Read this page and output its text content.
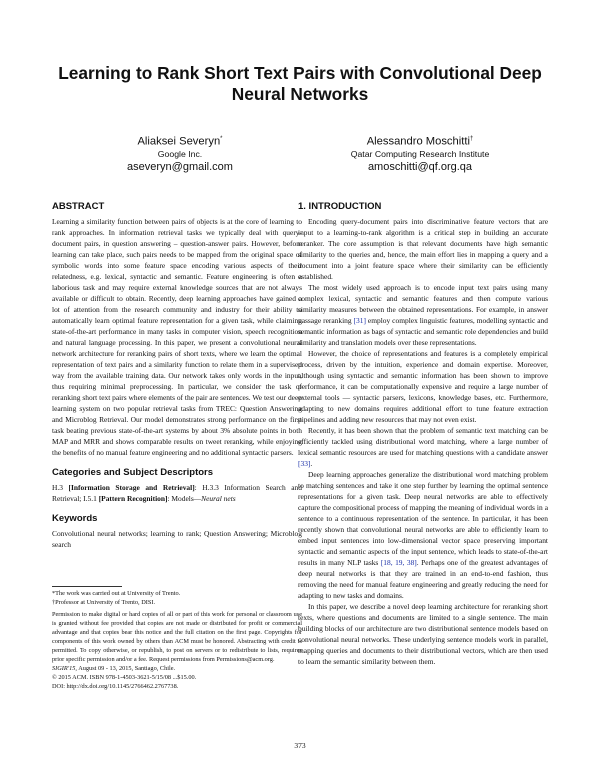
Learning to Rank Short Text Pairs with Convolutional Deep Neural Networks
Aliaksei Severyn*
Google Inc.
aseveryn@gmail.com
Alessandro Moschitti†
Qatar Computing Research Institute
amoschitti@qf.org.qa
ABSTRACT

Learning a similarity function between pairs of objects is at the core of learning to rank approaches. In information retrieval tasks we typically deal with query-document pairs, in question answering – question-answer pairs. However, before learning can take place, such pairs needs to be mapped from the original space of symbolic words into some feature space encoding various aspects of their relatedness, e.g. lexical, syntactic and semantic. Feature engineering is often a laborious task and may require external knowledge sources that are not always available or difficult to obtain. Recently, deep learning approaches have gained a lot of attention from the research community and industry for their ability to automatically learn optimal feature representation for a given task, while claiming state-of-the-art performance in many tasks in computer vision, speech recognition and natural language processing. In this paper, we present a convolutional neural network architecture for reranking pairs of short texts, where we learn the optimal representation of text pairs and a similarity function to relate them in a supervised way from the available training data. Our network takes only words in the input, thus requiring minimal preprocessing. In particular, we consider the task of reranking short text pairs where elements of the pair are sentences. We test our deep learning system on two popular retrieval tasks from TREC: Question Answering and Microblog Retrieval. Our model demonstrates strong performance on the first task beating previous state-of-the-art systems by about 3% absolute points in both MAP and MRR and shows comparable results on tweet reranking, while enjoying the benefits of no manual feature engineering and no additional syntactic parsers.

Categories and Subject Descriptors

H.3 [Information Storage and Retrieval]: H.3.3 Information Search and Retrieval; I.5.1 [Pattern Recognition]: Models—Neural nets

Keywords

Convolutional neural networks; learning to rank; Question Answering; Microblog search

*The work was carried out at University of Trento.

†Professor at University of Trento, DISI.

Permission to make digital or hard copies of all or part of this work for personal or classroom use is granted without fee provided that copies are not made or distributed for profit or commercial advantage and that copies bear this notice and the full citation on the first page. Copyrights for components of this work owned by others than ACM must be honored. Abstracting with credit is permitted. To copy otherwise, or republish, to post on servers or to redistribute to lists, requires prior specific permission and/or a fee. Request permissions from Permissions@acm.org.

SIGIR'15, August 09 - 13, 2015, Santiago, Chile.

© 2015 ACM. ISBN 978-1-4503-3621-5/15/08 ...$15.00.

DOI: http://dx.doi.org/10.1145/2766462.2767738.

1. INTRODUCTION

Encoding query-document pairs into discriminative feature vectors that are input to a learning-to-rank algorithm is a critical step in building an accurate reranker. The core assumption is that relevant documents have high semantic similarity to the queries and, hence, the main effort lies in mapping a query and a document into a joint feature space where their similarity can be efficiently established.

The most widely used approach is to encode input text pairs using many complex lexical, syntactic and semantic features and then compute various similarity measures between the obtained representations. For example, in answer passage reranking [31] employ complex linguistic features, modelling syntactic and semantic information as bags of syntactic and semantic role dependencies and build similarity and translation models over these representations.

However, the choice of representations and features is a completely empirical process, driven by the intuition, experience and domain expertise. Moreover, although using syntactic and semantic information has been shown to improve performance, it can be computationally expensive and require a large number of external tools — syntactic parsers, lexicons, knowledge bases, etc. Furthermore, adapting to new domains requires additional effort to tune feature extraction pipelines and adding new resources that may not even exist.

Recently, it has been shown that the problem of semantic text matching can be efficiently tackled using distributional word matching, where a large number of lexical semantic resources are used for matching questions with a candidate answer [33].

Deep learning approaches generalize the distributional word matching problem to matching sentences and take it one step further by learning the optimal sentence representations for a given task. Deep neural networks are able to effectively capture the compositional process of mapping the meaning of individual words in a sentence to a continuous representation of the sentence. In particular, it has been recently shown that convolutional neural networks are able to efficiently learn to embed input sentences into low-dimensional vector space preserving important syntactic and semantic aspects of the input sentence, which leads to state-of-the-art results in many NLP tasks [18, 19, 38]. Perhaps one of the greatest advantages of deep neural networks is that they are trained in an end-to-end fashion, thus removing the need for manual feature engineering and greatly reducing the need for adapting to new tasks and domains.

In this paper, we describe a novel deep learning architecture for reranking short texts, where questions and documents are limited to a single sentence. The main building blocks of our architecture are two distributional sentence models based on convolutional neural networks. These underlying sentence models work in parallel, mapping queries and documents to their distributional vectors, which are then used to learn the semantic similarity between them.

373
